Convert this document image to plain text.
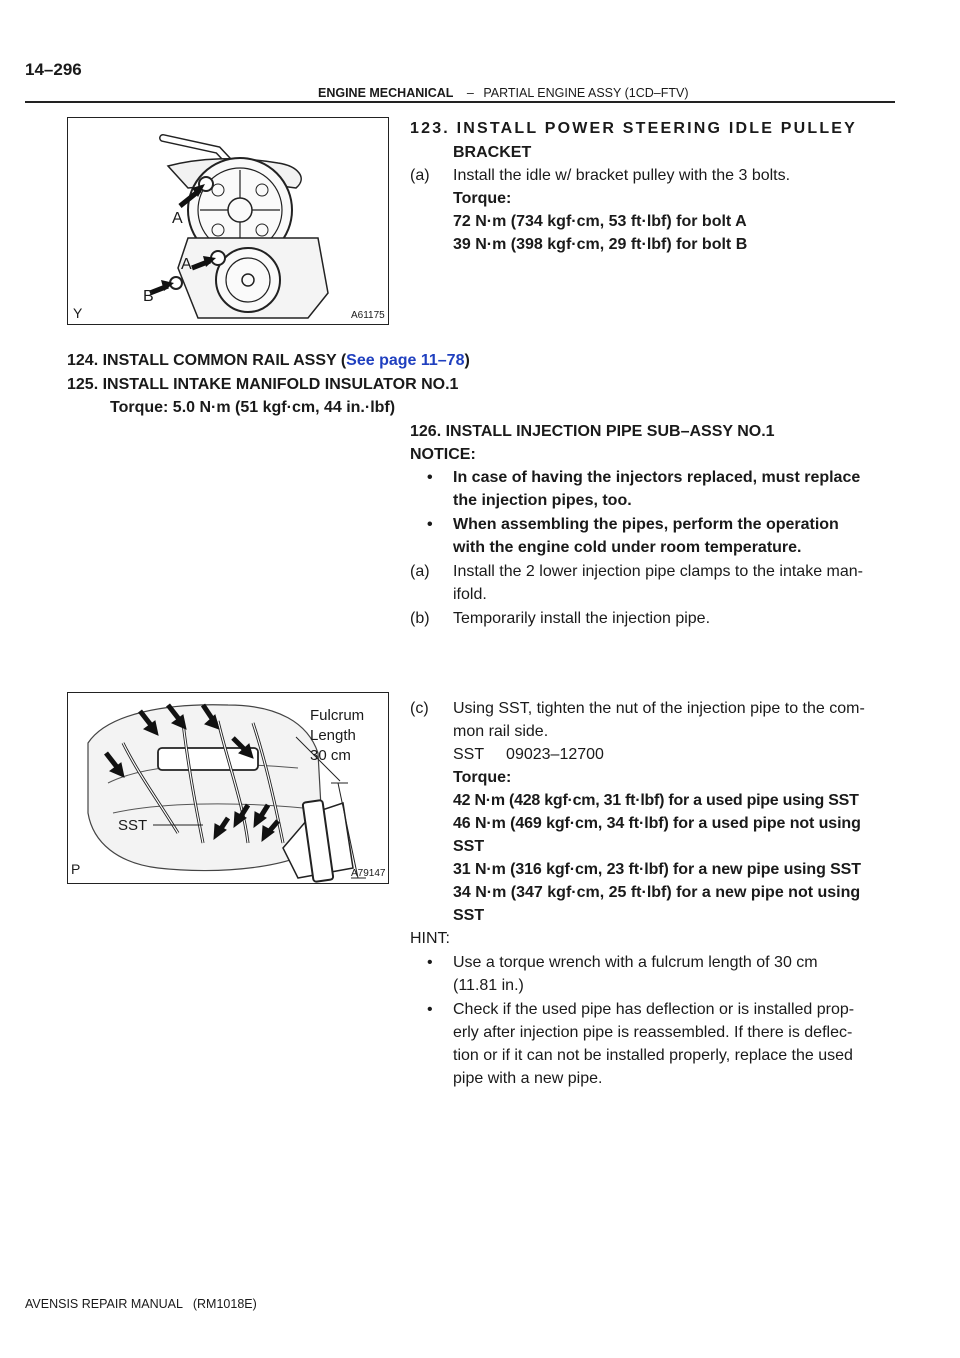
14–296
ENGINE MECHANICAL – PARTIAL ENGINE ASSY (1CD–FTV)
A
A
B
Y	A61175
123. INSTALL POWER STEERING IDLE PULLEY
BRACKET
(a) Install the idle w/ bracket pulley with the 3 bolts.
Torque:
72 N·m (734 kgf·cm, 53 ft·lbf) for bolt A
39 N·m (398 kgf·cm, 29 ft·lbf) for bolt B
124. INSTALL COMMON RAIL ASSY (See page 11–78)
125. INSTALL INTAKE MANIFOLD INSULATOR NO.1
Torque: 5.0 N·m (51 kgf·cm, 44 in.·lbf)
126. INSTALL INJECTION PIPE SUB–ASSY NO.1
NOTICE:
• In case of having the injectors replaced, must replace
the injection pipes, too.
• When assembling the pipes, perform the operation
with the engine cold under room temperature.
(a) Install the 2 lower injection pipe clamps to the intake man-
ifold.
(b) Temporarily install the injection pipe.
Fulcrum
Length
30 cm
SST
P	A79147
(c) Using SST, tighten the nut of the injection pipe to the com-
mon rail side.
SST     09023–12700
Torque:
42 N·m (428 kgf·cm, 31 ft·lbf) for a used pipe using SST
46 N·m (469 kgf·cm, 34 ft·lbf) for a used pipe not using
SST
31 N·m (316 kgf·cm, 23 ft·lbf) for a new pipe using SST
34 N·m (347 kgf·cm, 25 ft·lbf) for a new pipe not using
SST
HINT:
• Use a torque wrench with a fulcrum length of 30 cm
(11.81 in.)
• Check if the used pipe has deflection or is installed prop-
erly after injection pipe is reassembled. If there is deflec-
tion or if it can not be installed properly, replace the used
pipe with a new pipe.
AVENSIS REPAIR MANUAL   (RM1018E)
